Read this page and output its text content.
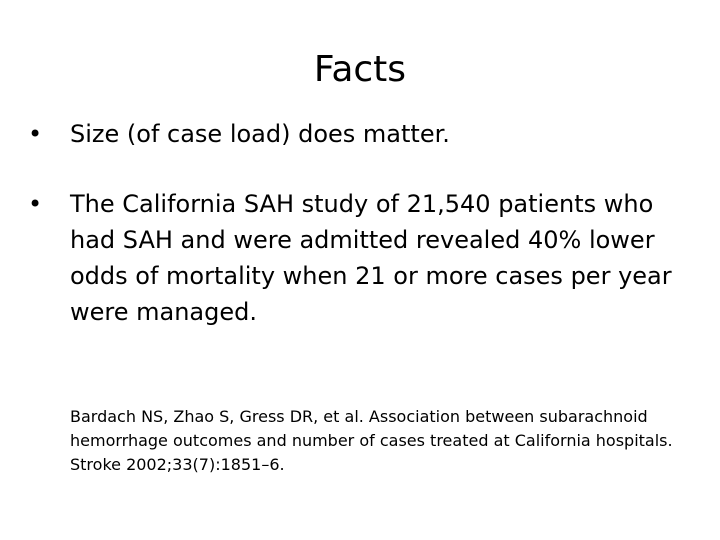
Facts
• Size (of case load) does matter.
• The California SAH study of 21,540 patients who had SAH and were admitted revealed 40% lower odds of mortality when 21 or more cases per year were managed.

Bardach NS, Zhao S, Gress DR, et al. Association between subarachnoid hemorrhage outcomes and number of cases treated at California hospitals. Stroke 2002;33(7):1851–6.
